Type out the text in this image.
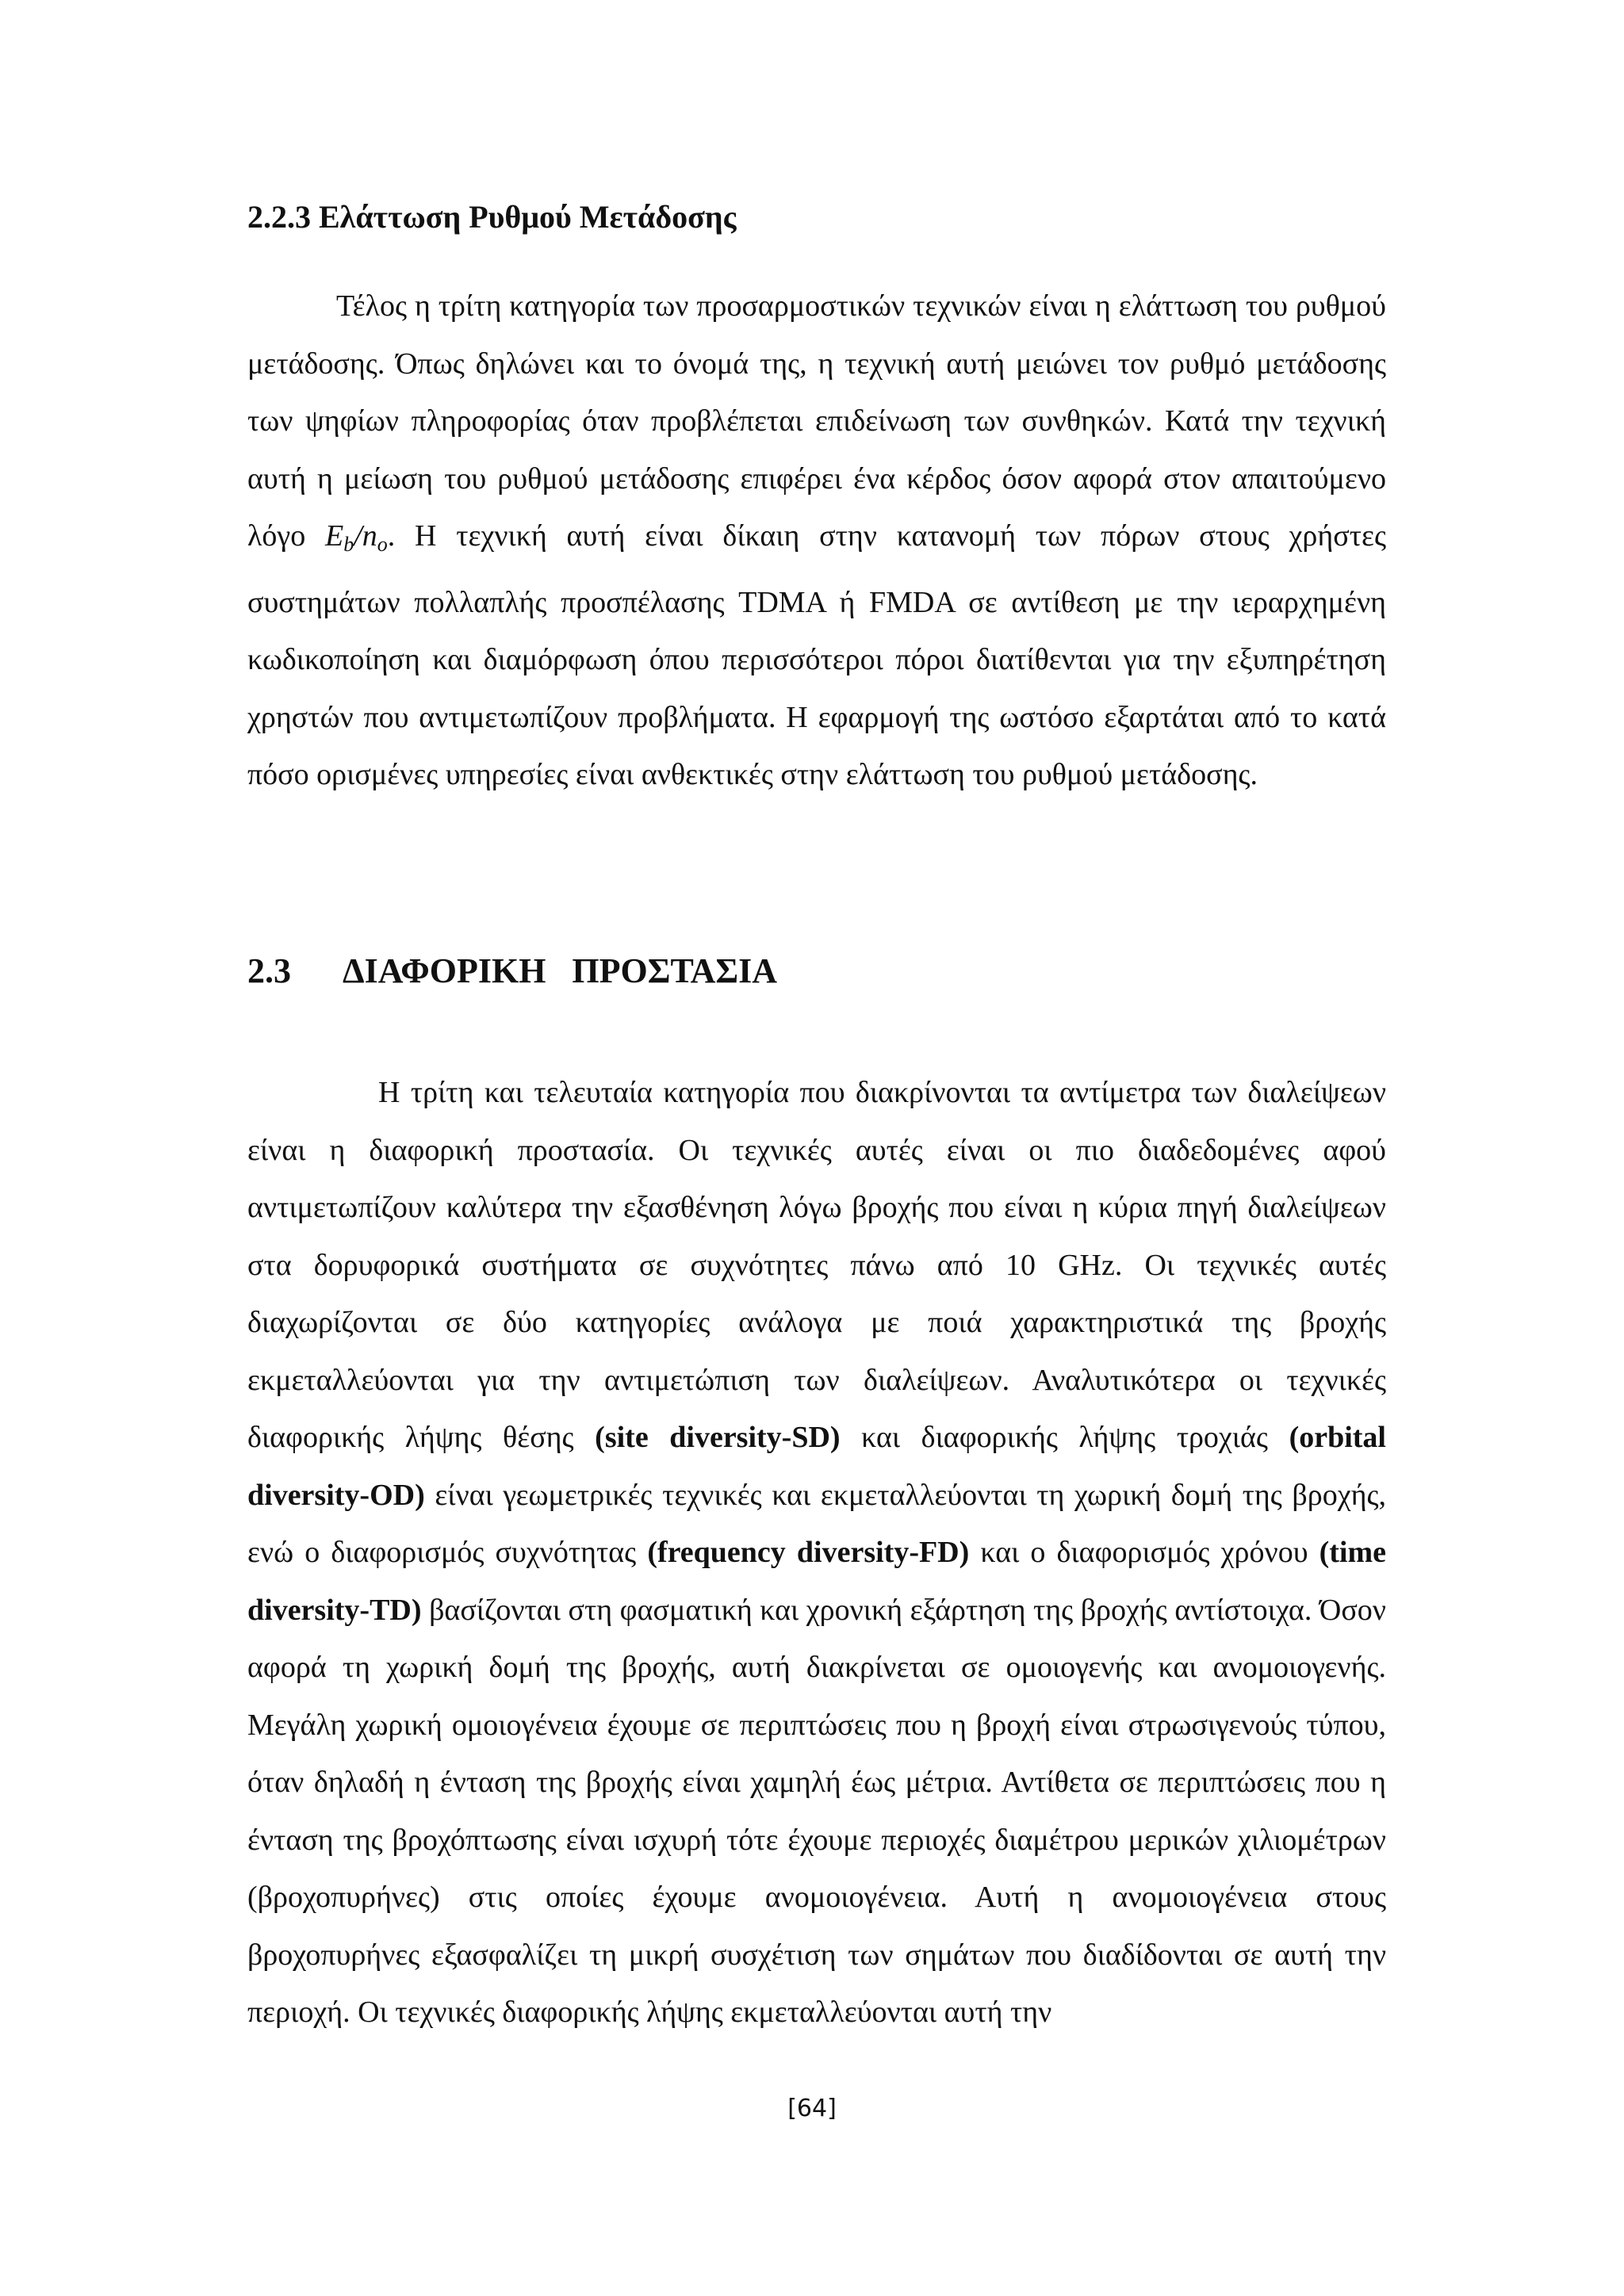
2.2.3 Ελάττωση Ρυθμού Μετάδοσης

Τέλος η τρίτη κατηγορία των προσαρμοστικών τεχνικών είναι η ελάττωση του ρυθμού μετάδοσης. Όπως δηλώνει και το όνομά της, η τεχνική αυτή μειώνει τον ρυθμό μετάδοσης των ψηφίων πληροφορίας όταν προβλέπεται επιδείνωση των συνθηκών. Κατά την τεχνική αυτή η μείωση του ρυθμού μετάδοσης επιφέρει ένα κέρδος όσον αφορά στον απαιτούμενο λόγο $E_b/n_o$. Η τεχνική αυτή είναι δίκαιη στην κατανομή των πόρων στους χρήστες συστημάτων πολλαπλής προσπέλασης TDMA ή FMDA σε αντίθεση με την ιεραρχημένη κωδικοποίηση και διαμόρφωση όπου περισσότεροι πόροι διατίθενται για την εξυπηρέτηση χρηστών που αντιμετωπίζουν προβλήματα. Η εφαρμογή της ωστόσο εξαρτάται από το κατά πόσο ορισμένες υπηρεσίες είναι ανθεκτικές στην ελάττωση του ρυθμού μετάδοσης.

2.3 ΔΙΑΦΟΡΙΚΗ ΠΡΟΣΤΑΣΙΑ

Η τρίτη και τελευταία κατηγορία που διακρίνονται τα αντίμετρα των διαλείψεων είναι η διαφορική προστασία. Οι τεχνικές αυτές είναι οι πιο διαδεδομένες αφού αντιμετωπίζουν καλύτερα την εξασθένηση λόγω βροχής που είναι η κύρια πηγή διαλείψεων στα δορυφορικά συστήματα σε συχνότητες πάνω από 10 GHz. Οι τεχνικές αυτές διαχωρίζονται σε δύο κατηγορίες ανάλογα με ποιά χαρακτηριστικά της βροχής εκμεταλλεύονται για την αντιμετώπιση των διαλείψεων. Αναλυτικότερα οι τεχνικές διαφορικής λήψης θέσης (site diversity-SD) και διαφορικής λήψης τροχιάς (orbital diversity-OD) είναι γεωμετρικές τεχνικές και εκμεταλλεύονται τη χωρική δομή της βροχής, ενώ ο διαφορισμός συχνότητας (frequency diversity-FD) και ο διαφορισμός χρόνου (time diversity-TD) βασίζονται στη φασματική και χρονική εξάρτηση της βροχής αντίστοιχα. Όσον αφορά τη χωρική δομή της βροχής, αυτή διακρίνεται σε ομοιογενής και ανομοιογενής. Μεγάλη χωρική ομοιογένεια έχουμε σε περιπτώσεις που η βροχή είναι στρωσιγενούς τύπου, όταν δηλαδή η ένταση της βροχής είναι χαμηλή έως μέτρια. Αντίθετα σε περιπτώσεις που η ένταση της βροχόπτωσης είναι ισχυρή τότε έχουμε περιοχές διαμέτρου μερικών χιλιομέτρων (βροχοπυρήνες) στις οποίες έχουμε ανομοιογένεια. Αυτή η ανομοιογένεια στους βροχοπυρήνες εξασφαλίζει τη μικρή συσχέτιση των σημάτων που διαδίδονται σε αυτή την περιοχή. Οι τεχνικές διαφορικής λήψης εκμεταλλεύονται αυτή την

[64]
